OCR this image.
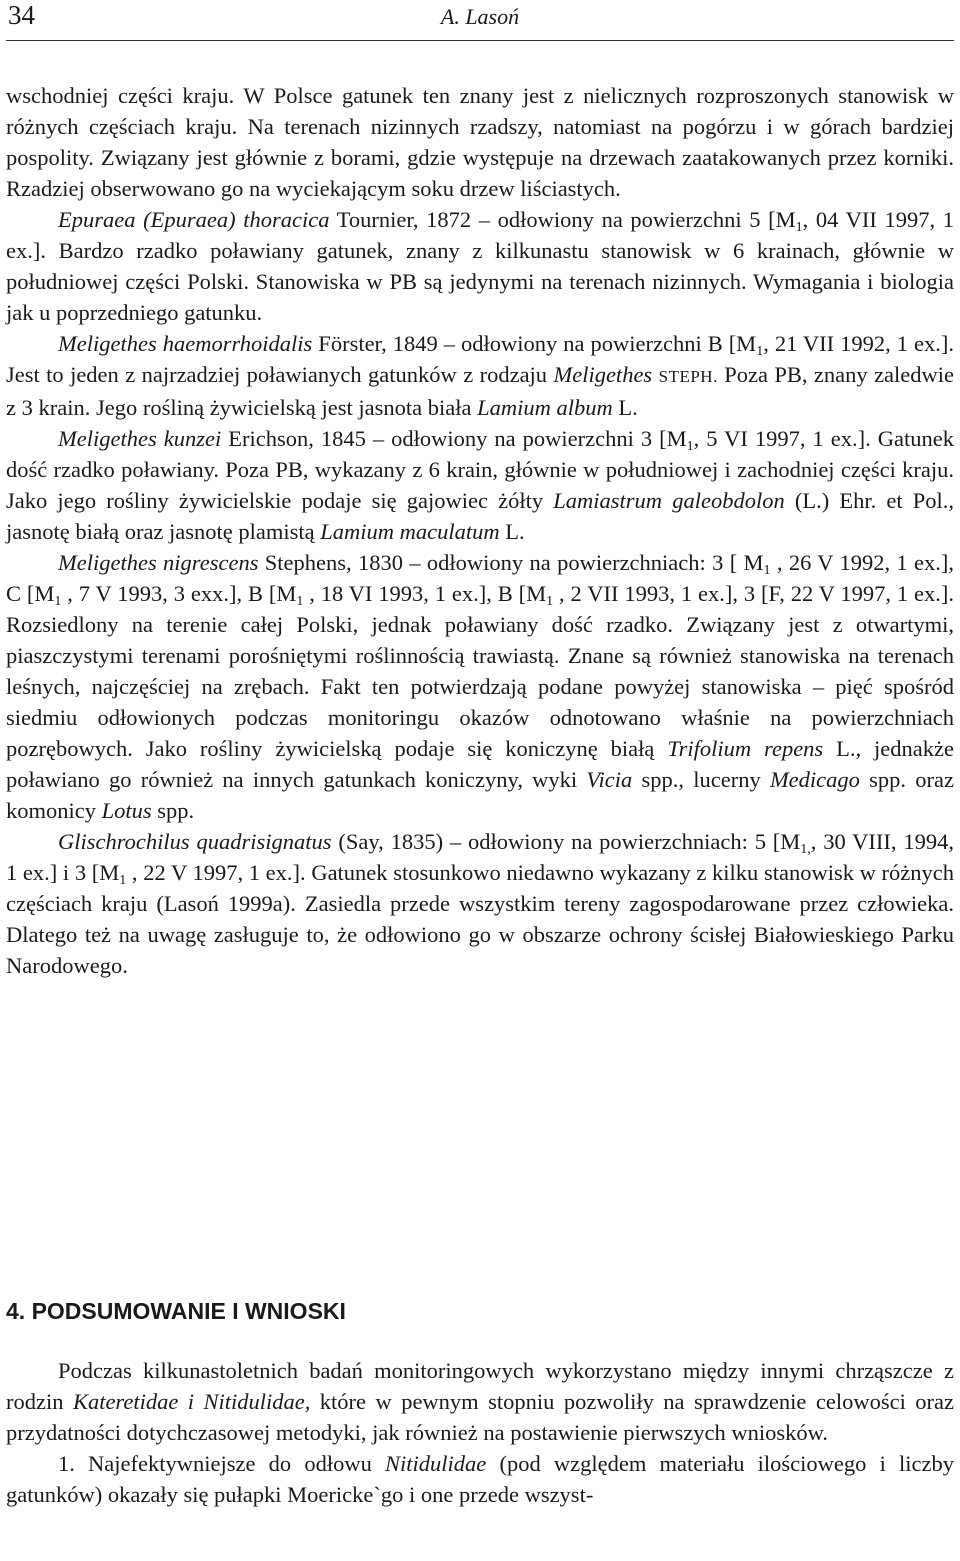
34	A. Lasoń

wschodniej części kraju. W Polsce gatunek ten znany jest z nielicznych rozproszonych stanowisk w różnych częściach kraju. Na terenach nizinnych rzadszy, natomiast na pogórzu i w górach bardziej pospolity. Związany jest głównie z borami, gdzie występuje na drzewach zaatakowanych przez korniki. Rzadziej obserwowano go na wyciekającym soku drzew liściastych.

Epuraea (Epuraea) thoracica Tournier, 1872 – odłowiony na powierzchni 5 [$M_1$, 04 VII 1997, 1 ex.]. Bardzo rzadko poławiany gatunek, znany z kilkunastu stanowisk w 6 krainach, głównie w południowej części Polski. Stanowiska w PB są jedynymi na terenach nizinnych. Wymagania i biologia jak u poprzedniego gatunku.

Meligethes haemorrhoidalis Förster, 1849 – odłowiony na powierzchni B [$M_1$, 21 VII 1992, 1 ex.]. Jest to jeden z najrzadziej poławianych gatunków z rodzaju Meligethes STEPH. Poza PB, znany zaledwie z 3 krain. Jego rośliną żywicielską jest jasnota biała Lamium album L.

Meligethes kunzei Erichson, 1845 – odłowiony na powierzchni 3 [$M_1$, 5 VI 1997, 1 ex.]. Gatunek dość rzadko poławiany. Poza PB, wykazany z 6 krain, głównie w południowej i zachodniej części kraju. Jako jego rośliny żywicielskie podaje się gajowiec żółty Lamiastrum galeobdolon (L.) Ehr. et Pol., jasnotę białą oraz jasnotę plamistą Lamium maculatum L.

Meligethes nigrescens Stephens, 1830 – odłowiony na powierzchniach: 3 [ $M_1$ , 26 V 1992, 1 ex.], C [$M_1$ , 7 V 1993, 3 exx.], B [$M_1$ , 18 VI 1993, 1 ex.], B [$M_1$ , 2 VII 1993, 1 ex.], 3 [F, 22 V 1997, 1 ex.]. Rozsiedlony na terenie całej Polski, jednak poławiany dość rzadko. Związany jest z otwartymi, piaszczystymi terenami porośniętymi roślinnością trawiastą. Znane są również stanowiska na terenach leśnych, najczęściej na zrębach. Fakt ten potwierdzają podane powyżej stanowiska – pięć spośród siedmiu odłowionych podczas monitoringu okazów odnotowano właśnie na powierzchniach pozrębowych. Jako rośliny żywicielską podaje się koniczynę białą Trifolium repens L., jednakże poławiano go również na innych gatunkach koniczyny, wyki Vicia spp., lucerny Medicago spp. oraz komonicy Lotus spp.

Glischrochilus quadrisignatus (Say, 1835) – odłowiony na powierzchniach: 5 [$M_{1,}$, 30 VIII, 1994, 1 ex.] i 3 [$M_1$ , 22 V 1997, 1 ex.]. Gatunek stosunkowo niedawno wykazany z kilku stanowisk w różnych częściach kraju (Lasoń 1999a). Zasiedla przede wszystkim tereny zagospodarowane przez człowieka. Dlatego też na uwagę zasługuje to, że odłowiono go w obszarze ochrony ścisłej Białowieskiego Parku Narodowego.

4. PODSUMOWANIE I WNIOSKI

Podczas kilkunastoletnich badań monitoringowych wykorzystano między innymi chrząszcze z rodzin Kateretidae i Nitidulidae, które w pewnym stopniu pozwoliły na sprawdzenie celowości oraz przydatności dotychczasowej metodyki, jak również na postawienie pierwszych wniosków.

1. Najefektywniejsze do odłowu Nitidulidae (pod względem materiału ilościowego i liczby gatunków) okazały się pułapki Moericke`go i one przede wszyst-
